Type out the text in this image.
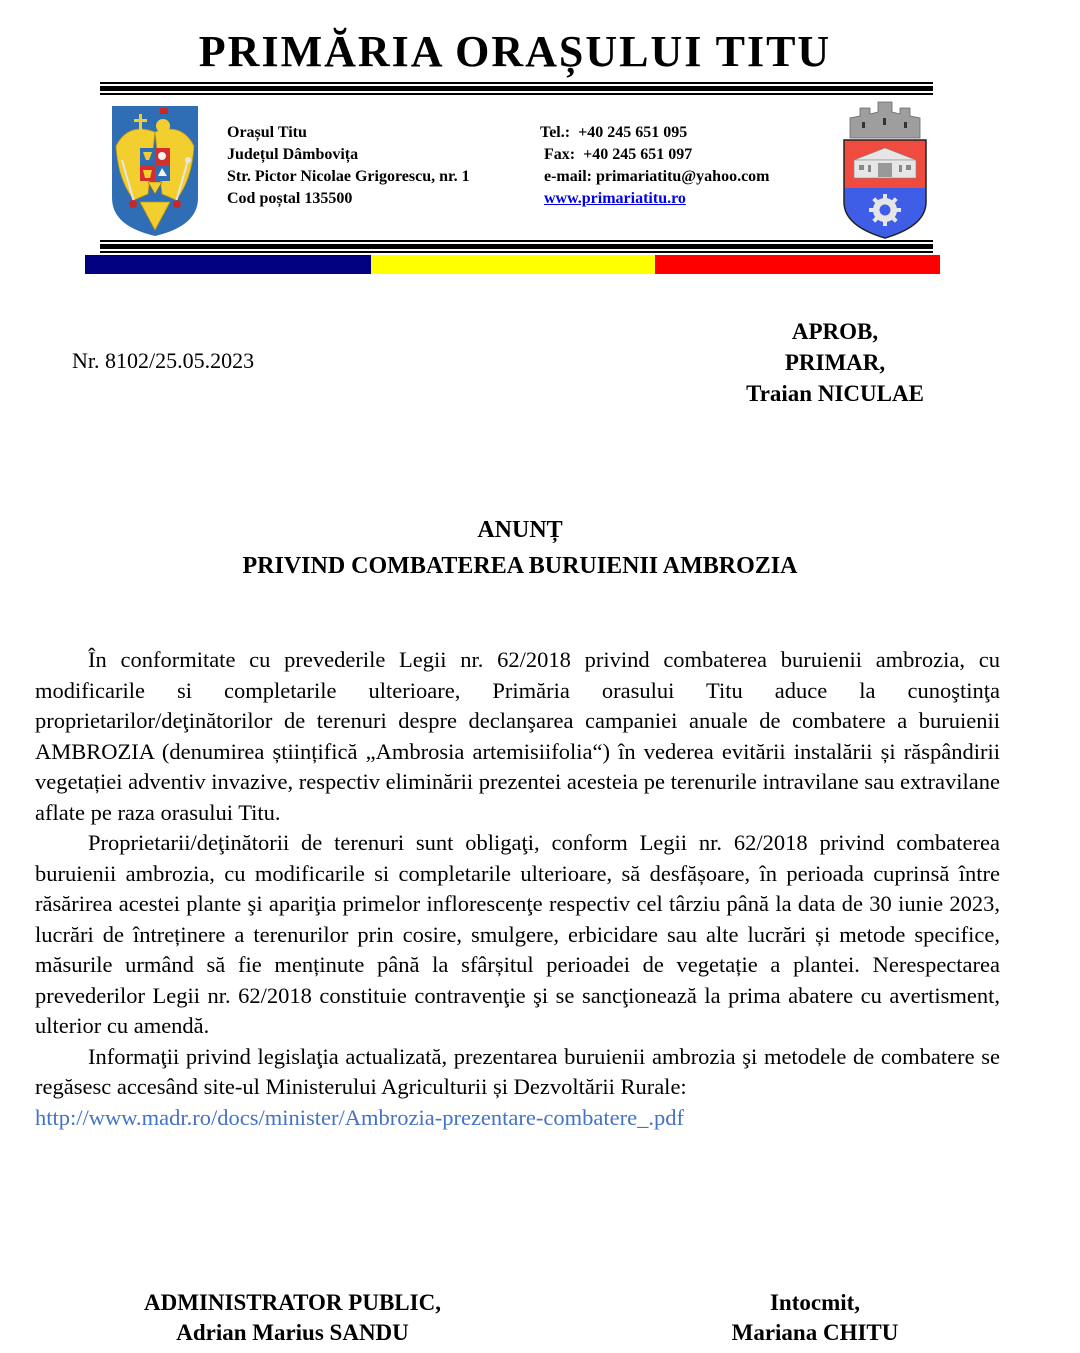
PRIMĂRIA ORAȘULUI TITU
Orașul Titu
Județul Dâmbovița
Str. Pictor Nicolae Grigorescu, nr. 1
Cod poștal 135500
Tel.:  +40 245 651 095
Fax:  +40 245 651 097
e-mail: primariatitu@yahoo.com
www.primariatitu.ro
Nr. 8102/25.05.2023
APROB,
PRIMAR,
Traian NICULAE
ANUNȚ
PRIVIND COMBATEREA BURUIENII AMBROZIA

În conformitate cu prevederile Legii nr. 62/2018 privind combaterea buruienii ambrozia, cu modificarile si completarile ulterioare, Primăria orasului Titu aduce la cunoştinţa proprietarilor/deţinătorilor de terenuri despre declanşarea campaniei anuale de combatere a buruienii AMBROZIA (denumirea științifică „Ambrosia artemisiifolia“) în vederea evitării instalării și răspândirii vegetației adventiv invazive, respectiv eliminării prezentei acesteia pe terenurile intravilane sau extravilane aflate pe raza orasului Titu.

Proprietarii/deţinătorii de terenuri sunt obligaţi, conform Legii nr. 62/2018 privind combaterea buruienii ambrozia, cu modificarile si completarile ulterioare, să desfășoare, în perioada cuprinsă între răsărirea acestei plante şi apariţia primelor inflorescenţe respectiv cel târziu până la data de 30 iunie 2023, lucrări de întreținere a terenurilor prin cosire, smulgere, erbicidare sau alte lucrări și metode specifice, măsurile urmând să fie menținute până la sfârșitul perioadei de vegetație a plantei. Nerespectarea prevederilor Legii nr. 62/2018 constituie contravenţie şi se sancţionează la prima abatere cu avertisment, ulterior cu amendă.

Informaţii privind legislaţia actualizată, prezentarea buruienii ambrozia şi metodele de combatere se regăsesc accesând site-ul Ministerului Agriculturii și Dezvoltării Rurale:

http://www.madr.ro/docs/minister/Ambrozia-prezentare-combatere_.pdf
ADMINISTRATOR PUBLIC,
Adrian Marius SANDU
Intocmit,
Mariana CHITU
